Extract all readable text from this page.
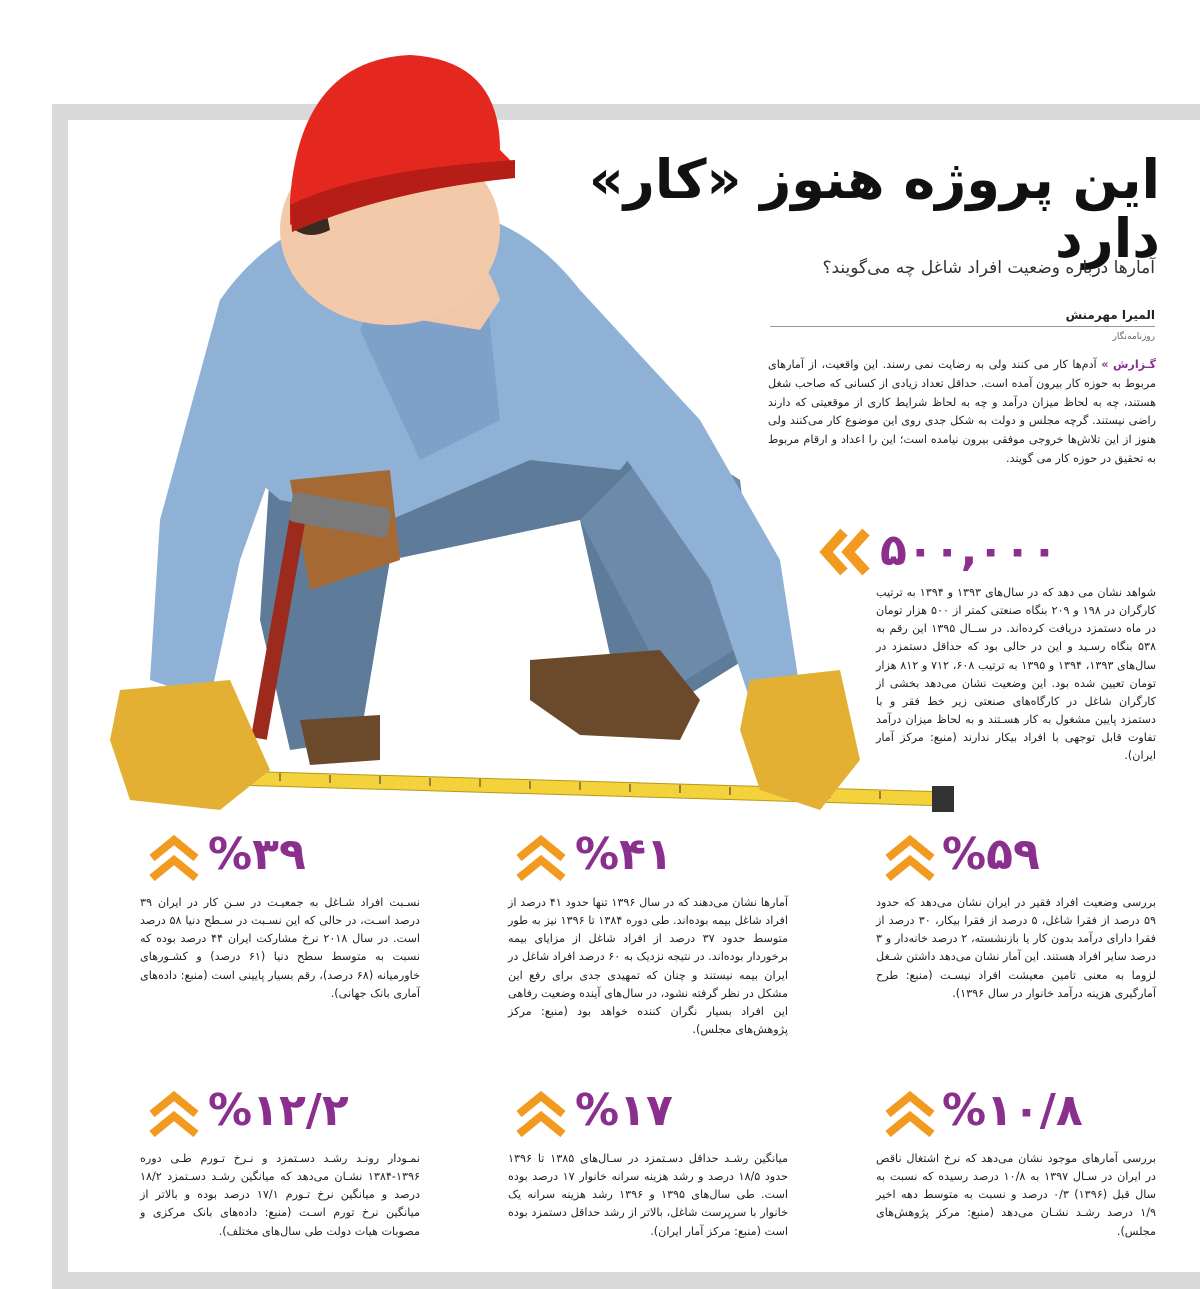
این پروژه هنوز «کار» دارد
آمارها درباره وضعیت افراد شاغل چه می‌گویند؟
المیرا مهرمنش
روزنامه‌نگار
گـزارش » آدم‌ها کار می کنند ولی به رضایت نمی رسند. این واقعیت، از آمارهای مربوط به حوزه کار بیرون آمده است. حداقل تعداد زیادی از کسانی که صاحب شغل هستند، چه به لحاظ میزان درآمد و چه به لحاظ شرایط کاری از موقعیتی که دارند راضی نیستند. گرچه مجلس و دولت به شکل جدی روی این موضوع کار می‌کنند ولی هنوز از این تلاش‌ها خروجی موفقی بیرون نیامده است؛ این را اعداد و ارقام مربوط به تحقیق در حوزه کار می گویند.
۵۰۰,۰۰۰
شواهد نشان می‌ دهد که در سال‌های ۱۳۹۳ و ۱۳۹۴ به ترتیب کارگران در ۱۹۸ و ۲۰۹ بنگاه صنعتی کمتر از ۵۰۰ هزار تومان در ماه دستمزد دریافت کرده‌اند. در ســال ۱۳۹۵ این رقم به ۵۳۸ بنگاه رسـید و این در حالی بود که حداقل دستمزد در سال‌های ۱۳۹۳، ۱۳۹۴ و ۱۳۹۵ به ترتیب ۶۰۸، ۷۱۲ و ۸۱۲ هزار تومان تعیین شده بود. این وضعیت نشان می‌دهد بخشی از کارگران شاغل در کارگاه‌های صنعتی زیر خط فقر و با دستمزد پایین مشغول به کار هسـتند و به لحاظ میزان درآمد تفاوت قابل توجهی با افراد بیکار ندارند (منبع: مرکز آمار ایران).
%۵۹
بررسی وضعیت افراد فقیر در ایران نشان می‌دهد که حدود ۵۹ درصد از فقرا شاغل، ۵ درصد از فقرا بیکار، ۳۰ درصد از فقرا دارای درآمد بدون کار یا بازنشسته، ۲ درصد خانه‌دار و ۳ درصد سایر افراد هستند. این آمار نشان می‌دهد داشتن شـغل لزوما به معنی تامین معیشت افراد نیسـت (منبع: طرح آمارگیری هزینه درآمد خانوار در سال ۱۳۹۶).
%۴۱
آمارها نشان می‌دهند که در سال ۱۳۹۶ تنها حدود ۴۱ درصد از افراد شاغل بیمه بوده‌اند. طی دوره ۱۳۸۴ تا ۱۳۹۶ نیز به طور متوسط حدود ۳۷ درصد از افراد شاغل از مزایای بیمه برخوردار بوده‌اند. در نتیجه نزدیک به ۶۰ درصد افراد شاغل در ایران بیمه نیستند و چنان که تمهیدی جدی برای رفع این مشکل در نظر گرفته نشود، در سال‌های آینده وضعیت رفاهی این افراد بسیار نگران کننده خواهد بود (منبع: مرکز پژوهش‌های مجلس).
%۳۹
نسـبت افراد شـاغل به جمعیـت در سـن کار در ایران ۳۹ درصد اسـت، در حالی که این نسـبت در سـطح دنیا ۵۸ درصد است. در سال ۲۰۱۸ نرخ مشارکت ایران ۴۴ درصد بوده که نسبت به متوسط سطح دنیا (۶۱ درصد) و کشـورهای خاورمیانه (۶۸ درصد)، رقم بسیار پایینی است (منبع: داده‌های آماری بانک جهانی).
%۱۰/۸
بررسی آمارهای موجود نشان می‌دهد که نرخ اشتغال ناقص در ایران در سـال ۱۳۹۷ به ۱۰/۸ درصد رسیده که نسبت به سال قبل (۱۳۹۶) ۰/۳ درصد و نسبت به متوسط دهه اخیر ۱/۹ درصد رشـد نشـان می‌دهد (منبع: مرکز پژوهش‌های مجلس).
%۱۷
میانگین رشـد حداقل دسـتمزد در سـال‌های ۱۳۸۵ تا ۱۳۹۶ حدود ۱۸/۵ درصد و رشد هزینه سرانه خانوار ۱۷ درصد بوده است. طی سال‌های ۱۳۹۵ و ۱۳۹۶ رشد هزینه سرانه یک خانوار با سرپرست شاغل، بالاتر از رشد حداقل دستمزد بوده است (منبع: مرکز آمار ایران).
%۱۲/۲
نمـودار رونـد رشـد دسـتمزد و نـرخ تـورم طـی دوره ۱۳۹۶-۱۳۸۴ نشـان می‌دهد که میانگین رشـد دسـتمزد ۱۸/۲ درصد و میانگین نرخ تـورم ۱۷/۱ درصد بوده و بالاتر از میانگین نرخ تورم اسـت (منبع: داده‌های بانک مرکزی و مصوبات هیات دولت طی سال‌های مختلف).
